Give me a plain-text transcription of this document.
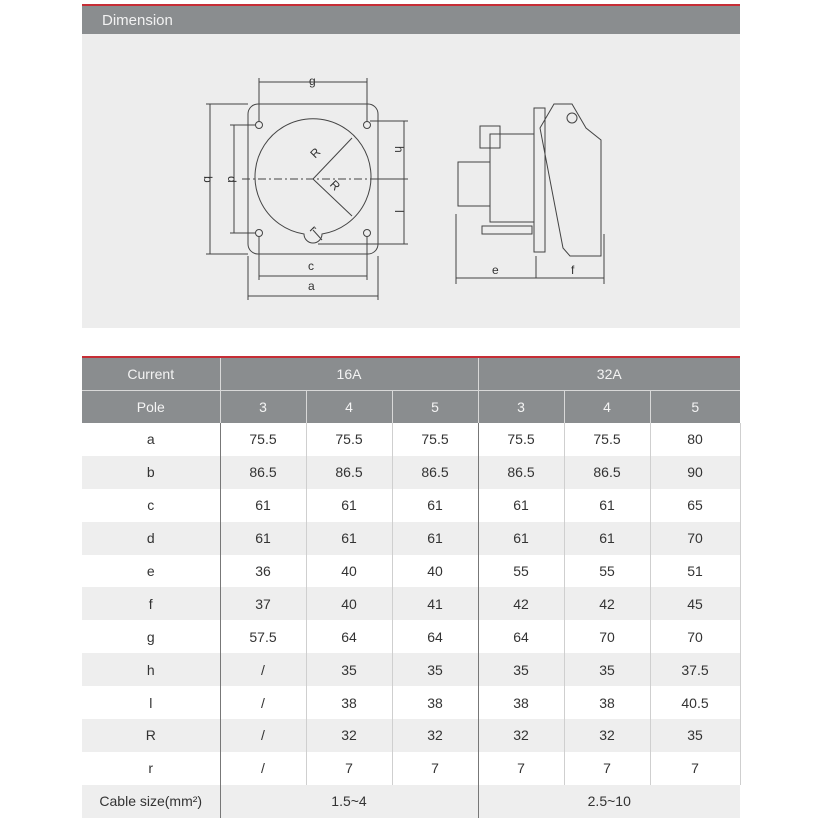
Dimension
g
b d
h
l
R
R
r
c
a
e	f
Current	16A			32A		
Pole	3	4	5	3	4	5
a	75.5	75.5	75.5	75.5	75.5	80
b	86.5	86.5	86.5	86.5	86.5	90
c	61	61	61	61	61	65
d	61	61	61	61	61	70
e	36	40	40	55	55	51
f	37	40	41	42	42	45
g	57.5	64	64	64	70	70
h	/	35	35	35	35	37.5
l	/	38	38	38	38	40.5
R	/	32	32	32	32	35
r	/	7	7	7	7	7
Cable size(mm²)	1.5~4			2.5~10		
